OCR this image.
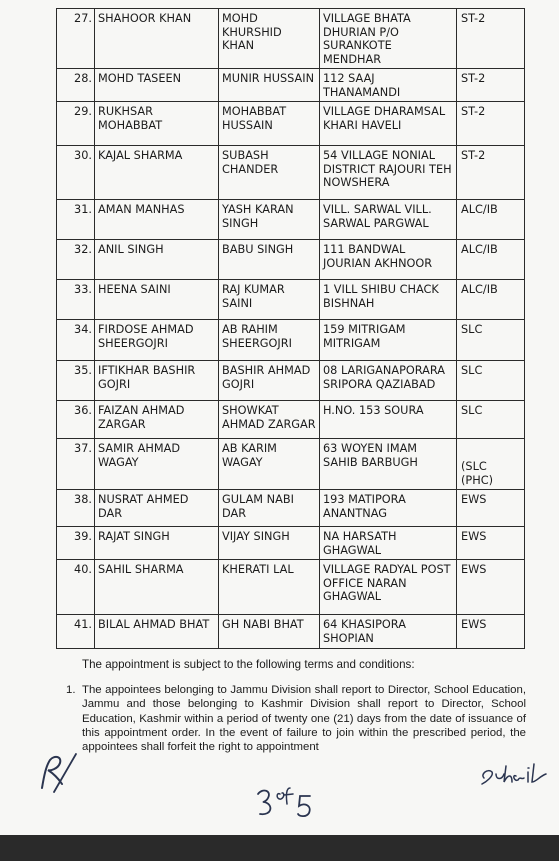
27.	SHAHOOR KHAN	MOHD KHURSHID KHAN	VILLAGE BHATA DHURIAN P/O SURANKOTE MENDHAR	ST-2
28.	MOHD TASEEN	MUNIR HUSSAIN	112 SAAJ THANAMANDI	ST-2
29.	RUKHSAR MOHABBAT	MOHABBAT HUSSAIN	VILLAGE DHARAMSAL KHARI HAVELI	ST-2
30.	KAJAL SHARMA	SUBASH CHANDER	54 VILLAGE NONIAL DISTRICT RAJOURI TEH NOWSHERA	ST-2
31.	AMAN MANHAS	YASH KARAN SINGH	VILL. SARWAL VILL. SARWAL PARGWAL	ALC/IB
32.	ANIL SINGH	BABU SINGH	111 BANDWAL JOURIAN AKHNOOR	ALC/IB
33.	HEENA SAINI	RAJ KUMAR SAINI	1 VILL SHIBU CHACK BISHNAH	ALC/IB
34.	FIRDOSE AHMAD SHEERGOJRI	AB RAHIM SHEERGOJRI	159 MITRIGAM MITRIGAM	SLC
35.	IFTIKHAR BASHIR GOJRI	BASHIR AHMAD GOJRI	08 LARIGANAPORARA SRIPORA QAZIABAD	SLC
36.	FAIZAN AHMAD ZARGAR	SHOWKAT AHMAD ZARGAR	H.NO. 153 SOURA	SLC
37.	SAMIR AHMAD WAGAY	AB KARIM WAGAY	63 WOYEN IMAM SAHIB BARBUGH	(SLC (PHC)
38.	NUSRAT AHMED DAR	GULAM NABI DAR	193 MATIPORA ANANTNAG	EWS
39.	RAJAT SINGH	VIJAY SINGH	NA HARSATH GHAGWAL	EWS
40.	SAHIL SHARMA	KHERATI LAL	VILLAGE RADYAL POST OFFICE NARAN GHAGWAL	EWS
41.	BILAL AHMAD BHAT	GH NABI BHAT	64 KHASIPORA SHOPIAN	EWS
The appointment is subject to the following terms and conditions:
1. The appointees belonging to Jammu Division shall report to Director, School Education, Jammu and those belonging to Kashmir Division shall report to Director, School Education, Kashmir within a period of twenty one (21) days from the date of issuance of this appointment order. In the event of failure to join within the prescribed period, the appointees shall forfeit the right to appointment
